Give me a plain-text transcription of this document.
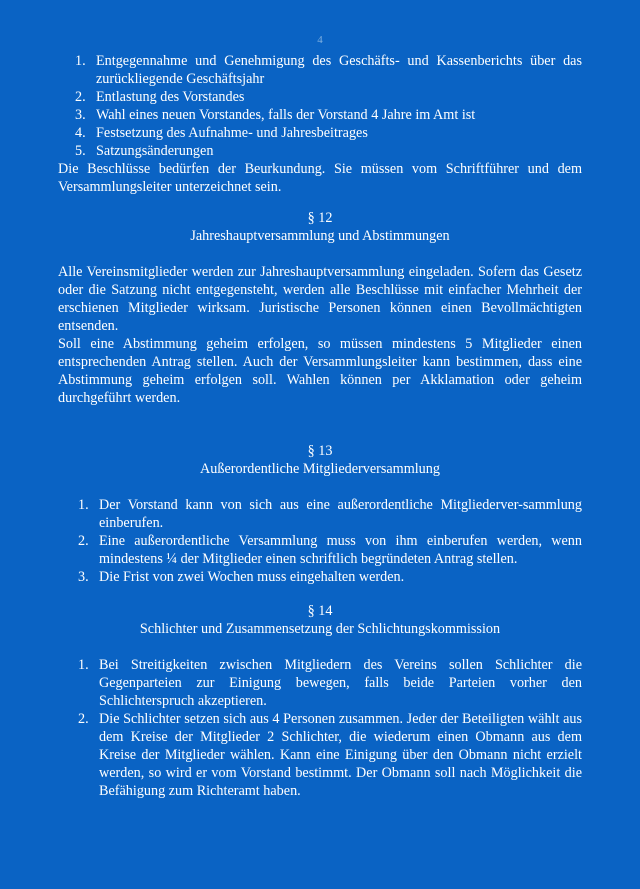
4
1. Entgegennahme und Genehmigung des Geschäfts- und Kassenberichts über das zurückliegende Geschäftsjahr
2. Entlastung des Vorstandes
3. Wahl eines neuen Vorstandes, falls der Vorstand 4 Jahre im Amt ist
4. Festsetzung des Aufnahme- und Jahresbeitrages
5. Satzungsänderungen

Die Beschlüsse bedürfen der Beurkundung. Sie müssen vom Schriftführer und dem Versammlungsleiter unterzeichnet sein.

§ 12
Jahreshauptversammlung und Abstimmungen

Alle Vereinsmitglieder werden zur Jahreshauptversammlung eingeladen. Sofern das Gesetz oder die Satzung nicht entgegensteht, werden alle Beschlüsse mit einfacher Mehrheit der erschienen Mitglieder wirksam. Juristische Personen können einen Bevollmächtigten entsenden.

Soll eine Abstimmung geheim erfolgen, so müssen mindestens 5 Mitglieder einen entsprechenden Antrag stellen. Auch der Versammlungsleiter kann bestimmen, dass eine Abstimmung geheim erfolgen soll. Wahlen können per Akklamation oder geheim durchgeführt werden.

§ 13
Außerordentliche Mitgliederversammlung
1. Der Vorstand kann von sich aus eine außerordentliche Mitgliederver-sammlung einberufen.
2. Eine außerordentliche Versammlung muss von ihm einberufen werden, wenn mindestens ¼ der Mitglieder einen schriftlich begründeten Antrag stellen.
3. Die Frist von zwei Wochen muss eingehalten werden.
§ 14
Schlichter und Zusammensetzung der Schlichtungskommission
1. Bei Streitigkeiten zwischen Mitgliedern des Vereins sollen Schlichter die Gegenparteien zur Einigung bewegen, falls beide Parteien vorher den Schlichterspruch akzeptieren.
2. Die Schlichter setzen sich aus 4 Personen zusammen. Jeder der Beteiligten wählt aus dem Kreise der Mitglieder 2 Schlichter, die wiederum einen Obmann aus dem Kreise der Mitglieder wählen. Kann eine Einigung über den Obmann nicht erzielt werden, so wird er vom Vorstand bestimmt. Der Obmann soll nach Möglichkeit die Befähigung zum Richteramt haben.
